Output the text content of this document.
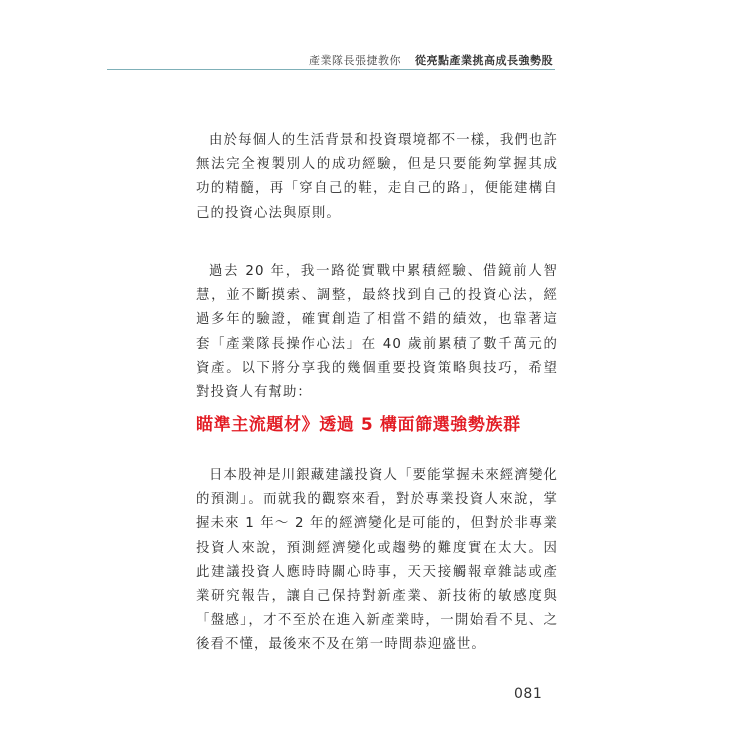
產業隊長張捷教你 從亮點產業挑高成長強勢股

由於每個人的生活背景和投資環境都不一樣，我們也許無法完全複製別人的成功經驗，但是只要能夠掌握其成功的精髓，再「穿自己的鞋，走自己的路」，便能建構自己的投資心法與原則。

過去 20 年，我一路從實戰中累積經驗、借鏡前人智慧，並不斷摸索、調整，最終找到自己的投資心法，經過多年的驗證，確實創造了相當不錯的績效，也靠著這套「產業隊長操作心法」在 40 歲前累積了數千萬元的資產。以下將分享我的幾個重要投資策略與技巧，希望對投資人有幫助：

瞄準主流題材》透過 5 構面篩選強勢族群

日本股神是川銀藏建議投資人「要能掌握未來經濟變化的預測」。而就我的觀察來看，對於專業投資人來說，掌握未來 1 年～ 2 年的經濟變化是可能的，但對於非專業投資人來說，預測經濟變化或趨勢的難度實在太大。因此建議投資人應時時關心時事，天天接觸報章雜誌或產業研究報告，讓自己保持對新產業、新技術的敏感度與「盤感」，才不至於在進入新產業時，一開始看不見、之後看不懂，最後來不及在第一時間恭迎盛世。

081
